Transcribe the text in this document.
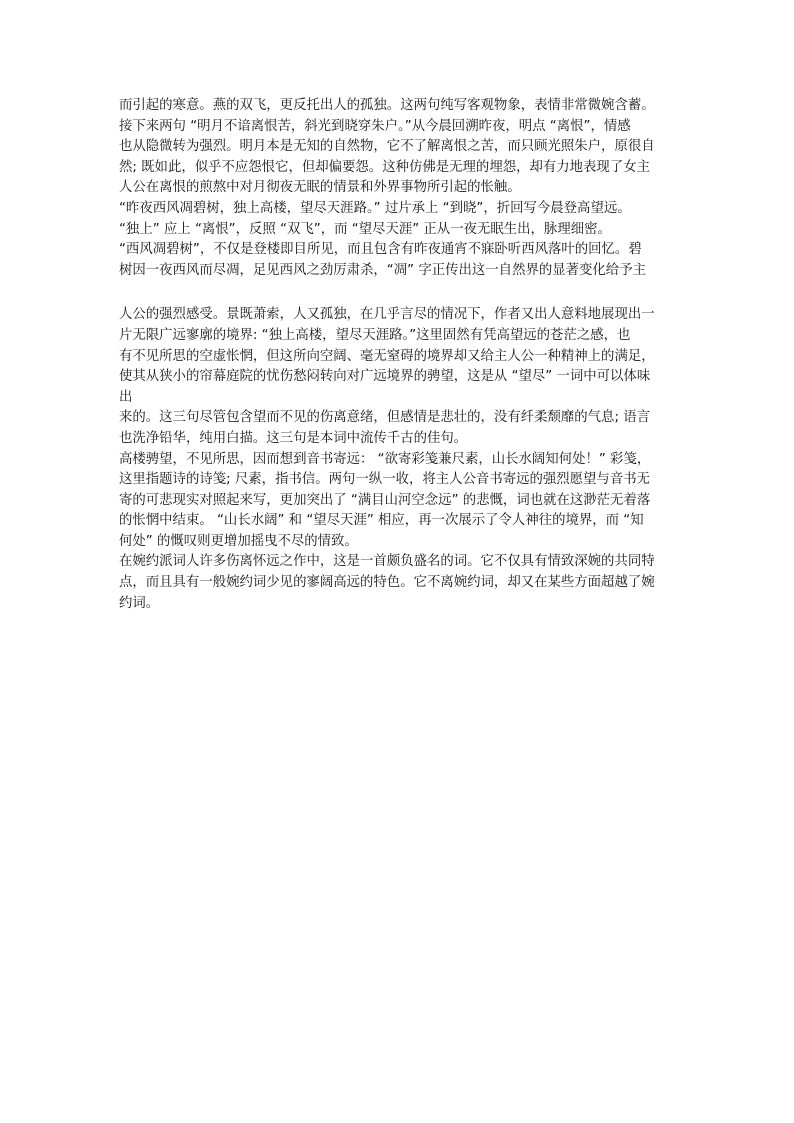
而引起的寒意。燕的双飞，更反托出人的孤独。这两句纯写客观物象，表情非常微婉含蓄。
接下来两句 “明月不谙离恨苦，斜光到晓穿朱户。”从今晨回溯昨夜，明点 “离恨”，情感
也从隐微转为强烈。明月本是无知的自然物，它不了解离恨之苦，而只顾光照朱户，原很自
然; 既如此，似乎不应怨恨它，但却偏要怨。这种仿佛是无理的埋怨，却有力地表现了女主
人公在离恨的煎熬中对月彻夜无眠的情景和外界事物所引起的怅触。
“昨夜西风凋碧树，独上高楼，望尽天涯路。” 过片承上 “到晓”，折回写今晨登高望远。
“独上” 应上 “离恨”，反照 “双飞”，而 “望尽天涯” 正从一夜无眠生出，脉理细密。
“西风凋碧树”，不仅是登楼即目所见，而且包含有昨夜通宵不寐卧听西风落叶的回忆。碧
树因一夜西风而尽凋，足见西风之劲厉肃杀，“凋” 字正传出这一自然界的显著变化给予主
人公的强烈感受。景既萧索，人又孤独，在几乎言尽的情况下，作者又出人意料地展现出一
片无限广远寥廓的境界: “独上高楼，望尽天涯路。”这里固然有凭高望远的苍茫之感，也
有不见所思的空虚怅惘，但这所向空阔、毫无窒碍的境界却又给主人公一种精神上的满足，
使其从狭小的帘幕庭院的忧伤愁闷转向对广远境界的骋望，这是从 “望尽” 一词中可以体味
出
来的。这三句尽管包含望而不见的伤离意绪，但感情是悲壮的，没有纤柔颓靡的气息; 语言
也洗净铅华，纯用白描。这三句是本词中流传千古的佳句。
高楼骋望，不见所思，因而想到音书寄远： “欲寄彩笺兼尺素，山长水阔知何处！” 彩笺，
这里指题诗的诗笺; 尺素，指书信。两句一纵一收，将主人公音书寄远的强烈愿望与音书无
寄的可悲现实对照起来写，更加突出了 “满目山河空念远” 的悲慨，词也就在这渺茫无着落
的怅惘中结束。 “山长水阔” 和 “望尽天涯” 相应，再一次展示了令人神往的境界，而 “知
何处” 的慨叹则更增加摇曳不尽的情致。
在婉约派词人许多伤离怀远之作中，这是一首颇负盛名的词。它不仅具有情致深婉的共同特
点，而且具有一般婉约词少见的寥阔高远的特色。它不离婉约词，却又在某些方面超越了婉
约词。
